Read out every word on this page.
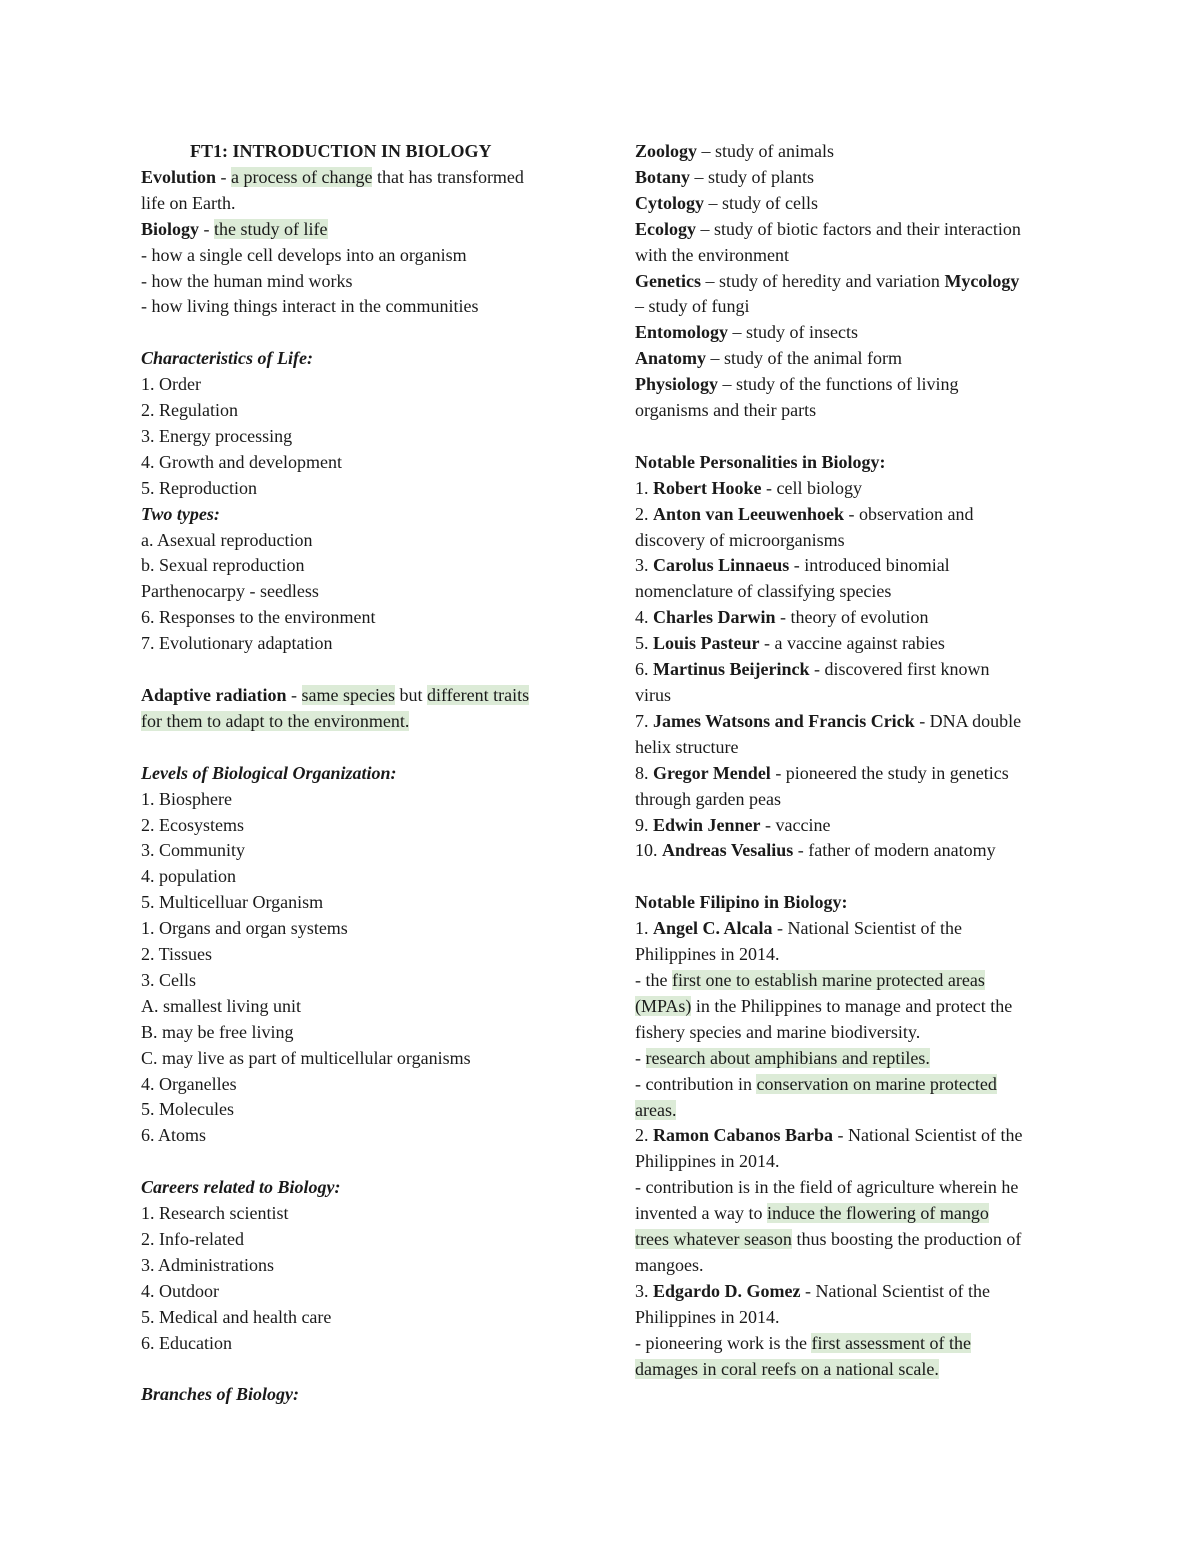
FT1: INTRODUCTION IN BIOLOGY
Evolution - a process of change that has transformed
life on Earth.
Biology - the study of life
- how a single cell develops into an organism
- how the human mind works
- how living things interact in the communities
Characteristics of Life:
1. Order
2. Regulation
3. Energy processing
4. Growth and development
5. Reproduction
Two types:
a. Asexual reproduction
b. Sexual reproduction
Parthenocarpy - seedless
6. Responses to the environment
7. Evolutionary adaptation
Adaptive radiation - same species but different traits
for them to adapt to the environment.
Levels of Biological Organization:
1. Biosphere
2. Ecosystems
3. Community
4. population
5. Multicelluar Organism
1. Organs and organ systems
2. Tissues
3. Cells
A. smallest living unit
B. may be free living
C. may live as part of multicellular organisms
4. Organelles
5. Molecules
6. Atoms
Careers related to Biology:
1. Research scientist
2. Info-related
3. Administrations
4. Outdoor
5. Medical and health care
6. Education
Branches of Biology:
Zoology – study of animals
Botany – study of plants
Cytology – study of cells
Ecology – study of biotic factors and their interaction
with the environment
Genetics – study of heredity and variation Mycology
– study of fungi
Entomology – study of insects
Anatomy – study of the animal form
Physiology – study of the functions of living
organisms and their parts
Notable Personalities in Biology:
1. Robert Hooke - cell biology
2. Anton van Leeuwenhoek - observation and
discovery of microorganisms
3. Carolus Linnaeus - introduced binomial
nomenclature of classifying species
4. Charles Darwin - theory of evolution
5. Louis Pasteur - a vaccine against rabies
6. Martinus Beijerinck - discovered first known
virus
7. James Watsons and Francis Crick - DNA double
helix structure
8. Gregor Mendel - pioneered the study in genetics
through garden peas
9. Edwin Jenner - vaccine
10. Andreas Vesalius - father of modern anatomy
Notable Filipino in Biology:
1. Angel C. Alcala - National Scientist of the
Philippines in 2014.
- the first one to establish marine protected areas
(MPAs) in the Philippines to manage and protect the
fishery species and marine biodiversity.
- research about amphibians and reptiles.
- contribution in conservation on marine protected
areas.
2. Ramon Cabanos Barba - National Scientist of the
Philippines in 2014.
- contribution is in the field of agriculture wherein he
invented a way to induce the flowering of mango
trees whatever season thus boosting the production of
mangoes.
3. Edgardo D. Gomez - National Scientist of the
Philippines in 2014.
- pioneering work is the first assessment of the
damages in coral reefs on a national scale.
